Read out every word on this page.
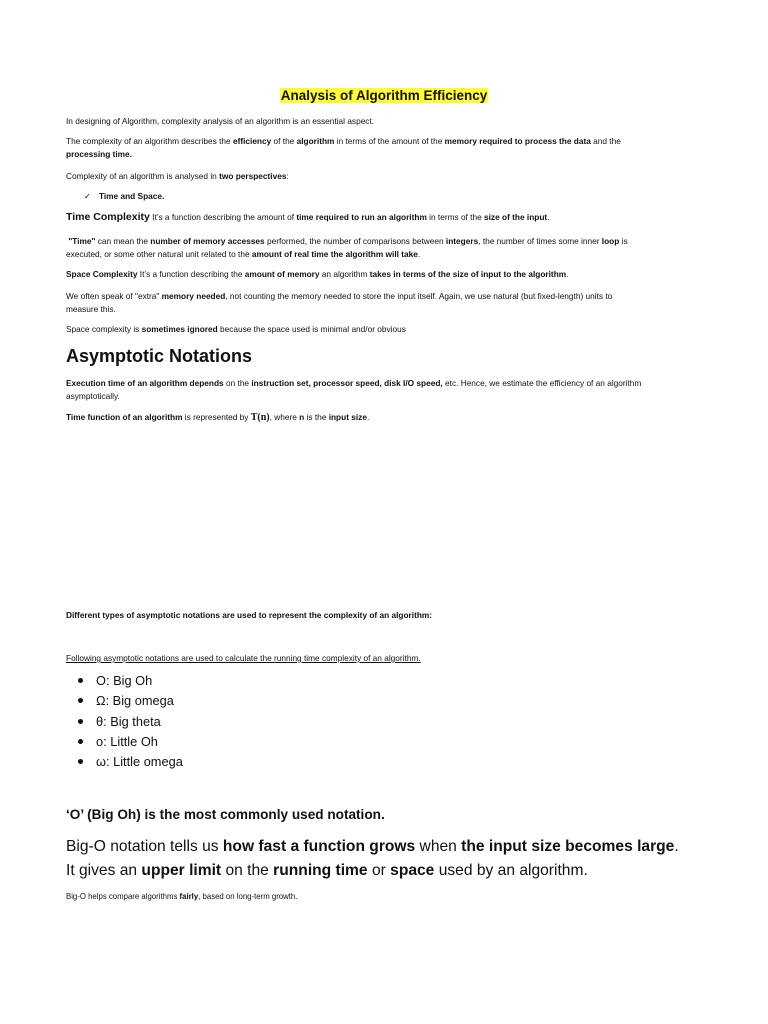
Analysis of Algorithm Efficiency

In designing of Algorithm, complexity analysis of an algorithm is an essential aspect.

The complexity of an algorithm describes the efficiency of the algorithm in terms of the amount of the memory required to process the data and the
processing time.

Complexity of an algorithm is analysed in two perspectives:

✓ Time and Space.

Time Complexity It’s a function describing the amount of time required to run an algorithm in terms of the size of the input.

"Time" can mean the number of memory accesses performed, the number of comparisons between integers, the number of times some inner loop is
executed, or some other natural unit related to the amount of real time the algorithm will take.

Space Complexity It’s a function describing the amount of memory an algorithm takes in terms of the size of input to the algorithm.

We often speak of "extra" memory needed, not counting the memory needed to store the input itself. Again, we use natural (but fixed-length) units to
measure this.

Space complexity is sometimes ignored because the space used is minimal and/or obvious

Asymptotic Notations

Execution time of an algorithm depends on the instruction set, processor speed, disk I/O speed, etc. Hence, we estimate the efficiency of an algorithm
asymptotically.

Time function of an algorithm is represented by T(n), where n is the input size.

Different types of asymptotic notations are used to represent the complexity of an algorithm:

Following asymptotic notations are used to calculate the running time complexity of an algorithm.

O: Big Oh
Ω: Big omega
θ: Big theta
o: Little Oh
ω: Little omega
‘O’ (Big Oh) is the most commonly used notation.

Big-O notation tells us how fast a function grows when the input size becomes large.

It gives an upper limit on the running time or space used by an algorithm.

Big-O helps compare algorithms fairly, based on long-term growth.
